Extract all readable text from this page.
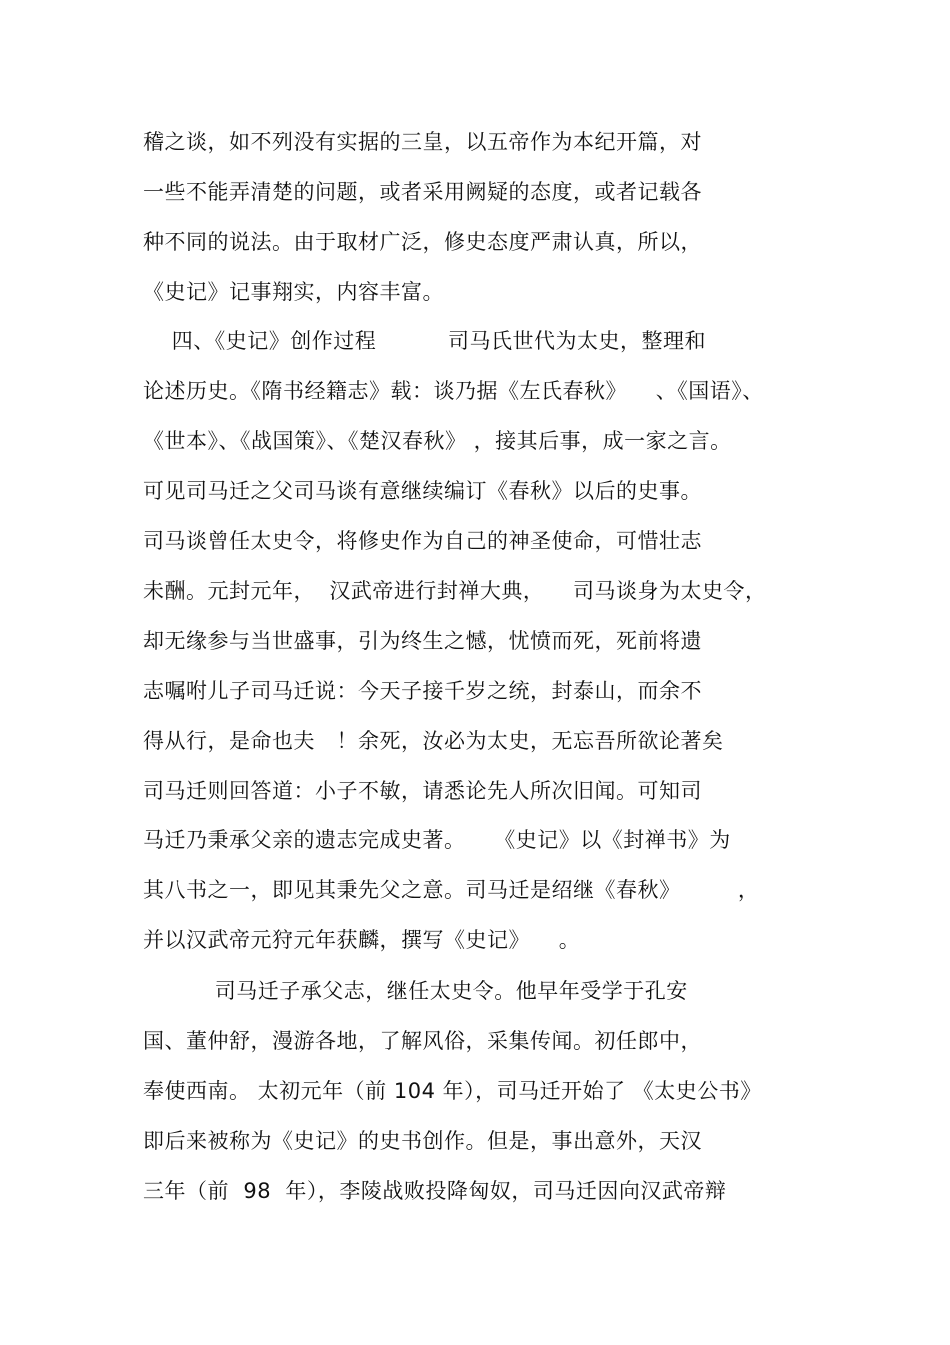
稽之谈，如不列没有实据的三皇，以五帝作为本纪开篇，对
一些不能弄清楚的问题，或者采用阙疑的态度，或者记载各
种不同的说法。由于取材广泛，修史态度严肃认真，所以，
《史记》记事翔实，内容丰富。
四、《史记》创作过程          司马氏世代为太史，整理和
论述历史。《隋书经籍志》载：谈乃据《左氏春秋》    、《国语》、
《世本》、《战国策》、《楚汉春秋》 ，接其后事，成一家之言。
可见司马迁之父司马谈有意继续编订《春秋》以后的史事。
司马谈曾任太史令，将修史作为自己的神圣使命，可惜壮志
未酬。元封元年，  汉武帝进行封禅大典，    司马谈身为太史令，
却无缘参与当世盛事，引为终生之憾，忧愤而死，死前将遗
志嘱咐儿子司马迁说：今天子接千岁之统，封泰山，而余不
得从行，是命也夫   ！余死，汝必为太史，无忘吾所欲论著矣
司马迁则回答道：小子不敏，请悉论先人所次旧闻。可知司
马迁乃秉承父亲的遗志完成史著。    《史记》以《封禅书》为
其八书之一，即见其秉先父之意。司马迁是绍继《春秋》        ，
并以汉武帝元狩元年获麟，撰写《史记》    。
司马迁子承父志，继任太史令。他早年受学于孔安
国、董仲舒，漫游各地，了解风俗，采集传闻。初任郎中，
奉使西南。 太初元年（前 104 年），司马迁开始了 《太史公书》
即后来被称为《史记》的史书创作。但是，事出意外，天汉
三年（前  98  年），李陵战败投降匈奴，司马迁因向汉武帝辩
